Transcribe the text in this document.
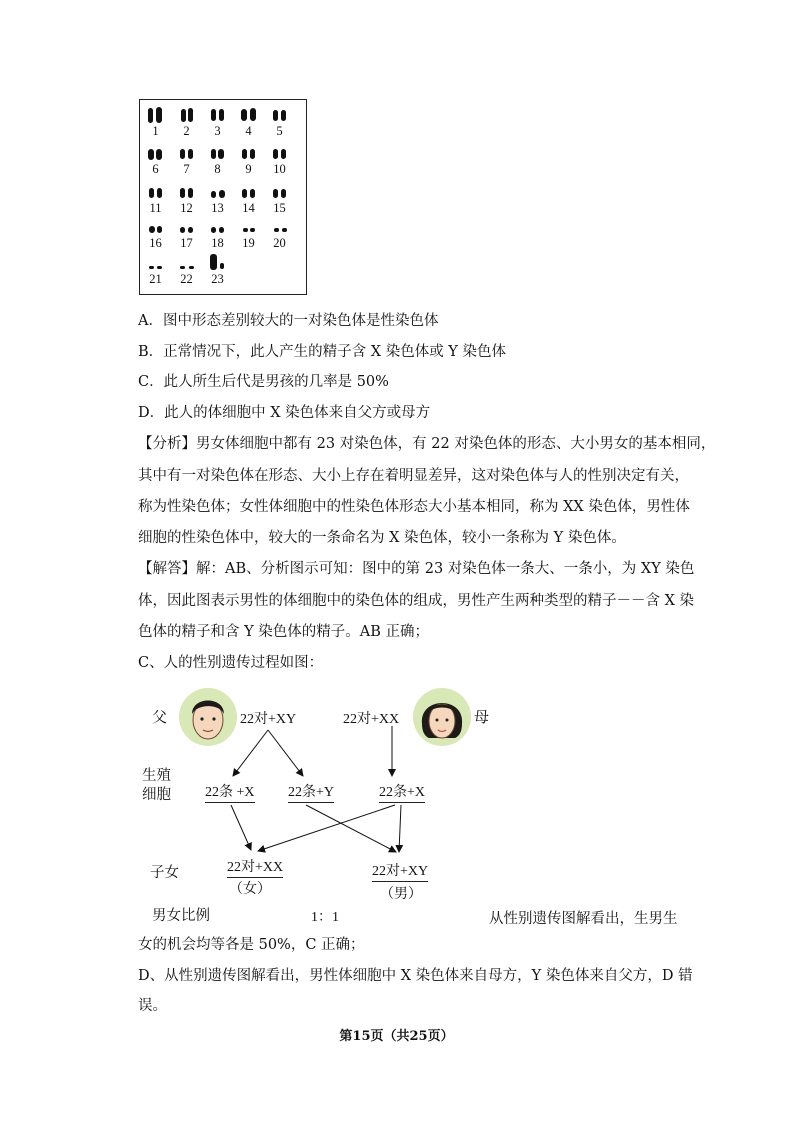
1	2	3	4	5
6	7	8	9	10
11	12	13	14	15
16	17	18	19	20
21	22	23
A．图中形态差别较大的一对染色体是性染色体
B．正常情况下，此人产生的精子含 X 染色体或 Y 染色体
C．此人所生后代是男孩的几率是 50%
D．此人的体细胞中 X 染色体来自父方或母方
【分析】男女体细胞中都有 23 对染色体，有 22 对染色体的形态、大小男女的基本相同，
其中有一对染色体在形态、大小上存在着明显差异，这对染色体与人的性别决定有关，
称为性染色体；女性体细胞中的性染色体形态大小基本相同，称为 XX 染色体，男性体
细胞的性染色体中，较大的一条命名为 X 染色体，较小一条称为 Y 染色体。
【解答】解：AB、分析图示可知：图中的第 23 对染色体一条大、一条小，为 XY 染色
体，因此图表示男性的体细胞中的染色体的组成，男性产生两种类型的精子－－含 X 染
色体的精子和含 Y 染色体的精子。AB 正确；
C、人的性别遗传过程如图：
父	22对+XY	22对+XX	母
生殖
细胞 22条 +X 22条+Y	22条+X
子女	22对+XX
（女）
22对+XY
（男）
男女比例	1：1	从性别遗传图解看出，生男生
女的机会均等各是 50%，C 正确；
D、从性别遗传图解看出，男性体细胞中 X 染色体来自母方，Y 染色体来自父方，D 错
误。
第15页（共25页）
